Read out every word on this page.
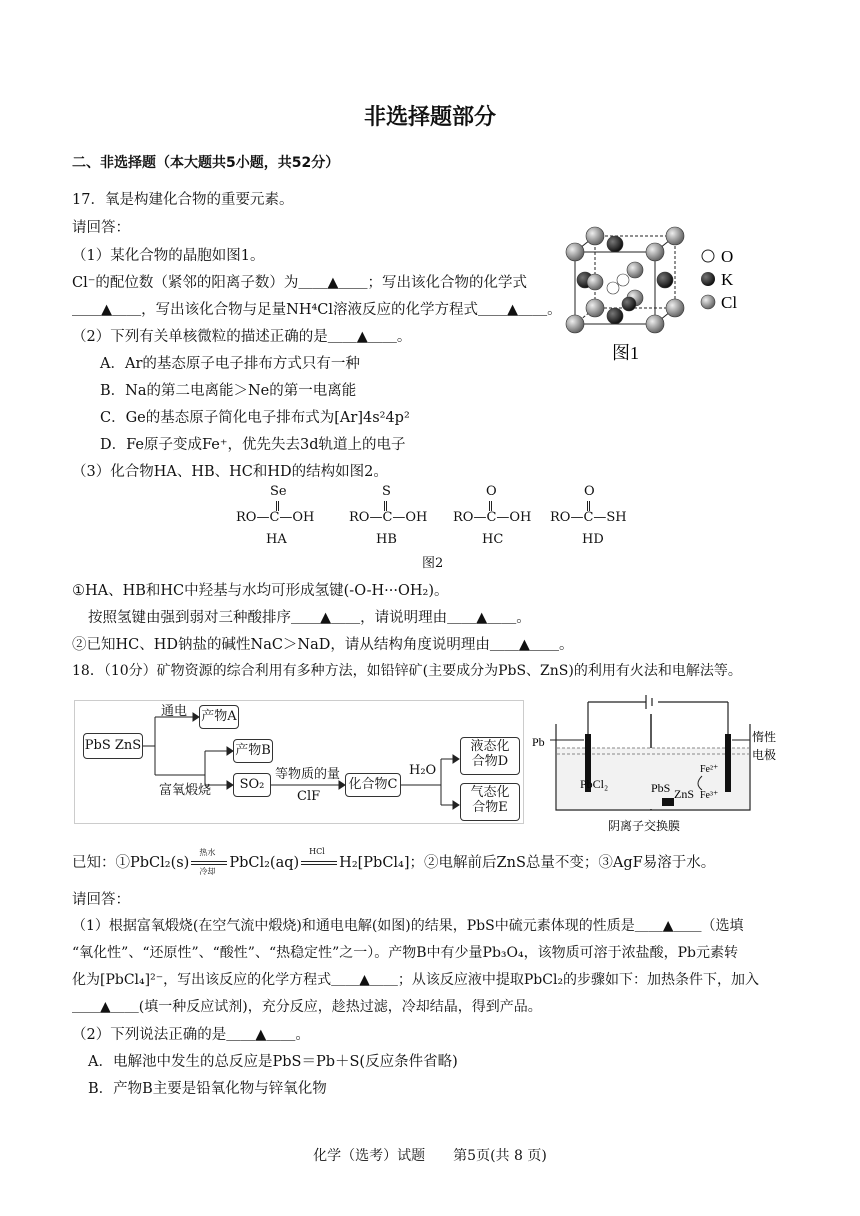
非选择题部分
二、非选择题（本大题共5小题，共52分）
17．氧是构建化合物的重要元素。
请回答：
（1）某化合物的晶胞如图1。
Cl⁻的配位数（紧邻的阳离子数）为＿＿▲＿＿；写出该化合物的化学式
＿＿▲＿＿，写出该化合物与足量NH⁴Cl溶液反应的化学方程式＿＿▲＿＿。
（2）下列有关单核微粒的描述正确的是＿＿▲＿＿。
A．Ar的基态原子电子排布方式只有一种
B．Na的第二电离能＞Ne的第一电离能
C．Ge的基态原子简化电子排布式为[Ar]4s²4p²
D．Fe原子变成Fe⁺，优先失去3d轨道上的电子
（3）化合物HA、HB、HC和HD的结构如图2。
O
K
Cl
图1
Se
RO—C—OH
HA
S
RO—C—OH
HB
O
RO—C—OH
HC
O
RO—C—SH
HD
图2
①HA、HB和HC中羟基与水均可形成氢键(-O-H···OH₂)。
按照氢键由强到弱对三种酸排序＿＿▲＿＿，请说明理由＿＿▲＿＿。
②已知HC、HD钠盐的碱性NaC＞NaD，请从结构角度说明理由＿＿▲＿＿。
18．（10分）矿物资源的综合利用有多种方法，如铅锌矿(主要成分为PbS、ZnS)的利用有火法和电解法等。
PbS ZnS
通电 产物A
富氧煅烧
产物B
SO₂
等物质的量
ClF
化合物C
H₂O
液态化合物D
气态化合物E
Pb	惰性
电极
PbCl₂	PbS ZnS
Fe²⁺
Fe³⁺
阴离子交换膜
已知：①PbCl₂(s)
热水
冷却
PbCl₂(aq)
HCl
H₂[PbCl₄]；②电解前后ZnS总量不变；③AgF易溶于水。
请回答：
（1）根据富氧煅烧(在空气流中煅烧)和通电电解(如图)的结果，PbS中硫元素体现的性质是＿＿▲＿＿（选填
“氧化性”、“还原性”、“酸性”、“热稳定性”之一）。产物B中有少量Pb₃O₄，该物质可溶于浓盐酸，Pb元素转
化为[PbCl₄]²⁻，写出该反应的化学方程式＿＿▲＿＿；从该反应液中提取PbCl₂的步骤如下：加热条件下，加入
＿＿▲＿＿(填一种反应试剂)，充分反应，趁热过滤，冷却结晶，得到产品。
（2）下列说法正确的是＿＿▲＿＿。
A．电解池中发生的总反应是PbS＝Pb＋S(反应条件省略)
B．产物B主要是铅氧化物与锌氧化物
化学（选考）试题　　第5页(共 8 页)
